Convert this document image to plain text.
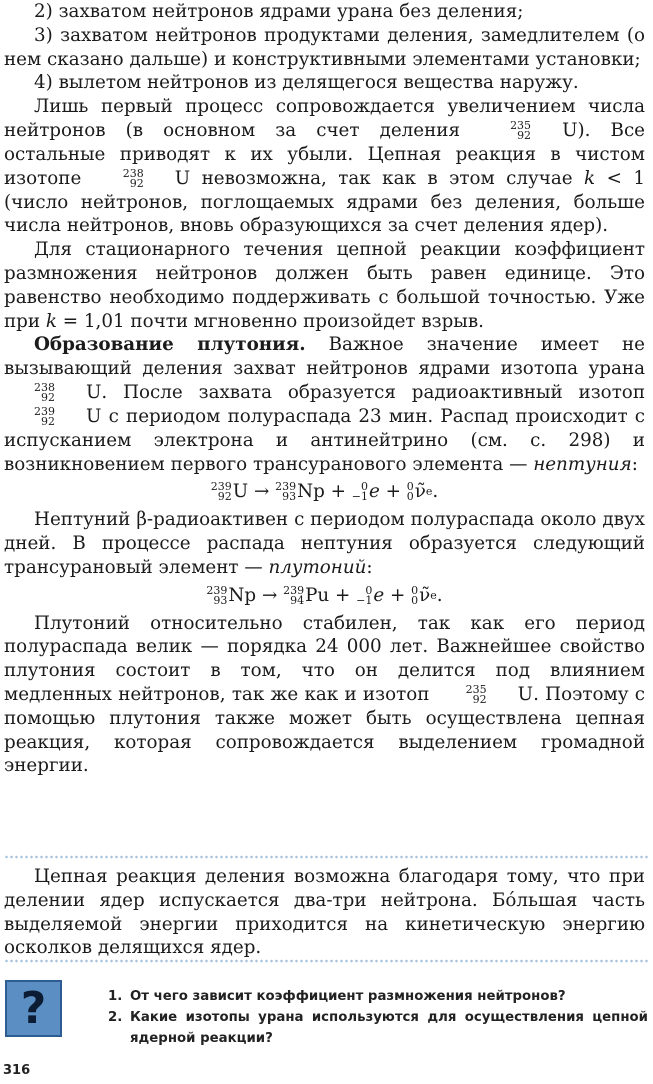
2) захватом нейтронов ядрами урана без деления;

3) захватом нейтронов продуктами деления, замедлителем (о нем сказано дальше) и конструктивными элементами установки;

4) вылетом нейтронов из делящегося вещества наружу.

Лишь первый процесс сопровождается увеличением числа нейтронов (в основном за счет деления	235
92	U ). Все остальные приводят к их убыли. Цепная реакция в чистом изотопе	238
92	U невозможна, так как в этом случае k < 1 (число нейтронов, поглощаемых ядрами без деления, больше числа нейтронов, вновь образующихся за счет деления ядер).

Для стационарного течения цепной реакции коэффициент размножения нейтронов должен быть равен единице. Это равенство необходимо поддерживать с большой точностью. Уже при k = 1,01 почти мгновенно произойдет взрыв.

Образование плутония. Важное значение имеет не вызывающий деления захват нейтронов ядрами изотопа урана
238
92	U . После захвата образуется радиоактивный изотоп
239
92	U с периодом полураспада 23 мин. Распад происходит с испусканием электрона и антинейтрино (см. с. 298) и возникновением первого трансуранового элемента — нептуния:

239
92 U → 239
93 Np + 0
−1 e + 0
0 ν̃ e .

Нептуний β-радиоактивен с периодом полураспада около двух дней. В процессе распада нептуния образуется следующий трансурановый элемент — плутоний:

239
93 Np → 239
94 Pu + 0
−1 e + 0
0 ν̃ e .

Плутоний относительно стабилен, так как его период полураспада велик — порядка 24 000 лет. Важнейшее свойство плутония состоит в том, что он делится под влиянием медленных нейтронов, так же как и изотоп	235
92	U . Поэтому с помощью плутония также может быть осуществлена цепная реакция, которая сопровождается выделением громадной энергии.

Цепная реакция деления возможна благодаря тому, что при делении ядер испускается два-три нейтрона. Бо́льшая часть выделяемой энергии приходится на кинетическую энергию осколков делящихся ядер.

?	1. От чего зависит коэффициент размножения нейтронов?
2. Какие изотопы урана используются для осуществления цепной ядерной реакции?
316
